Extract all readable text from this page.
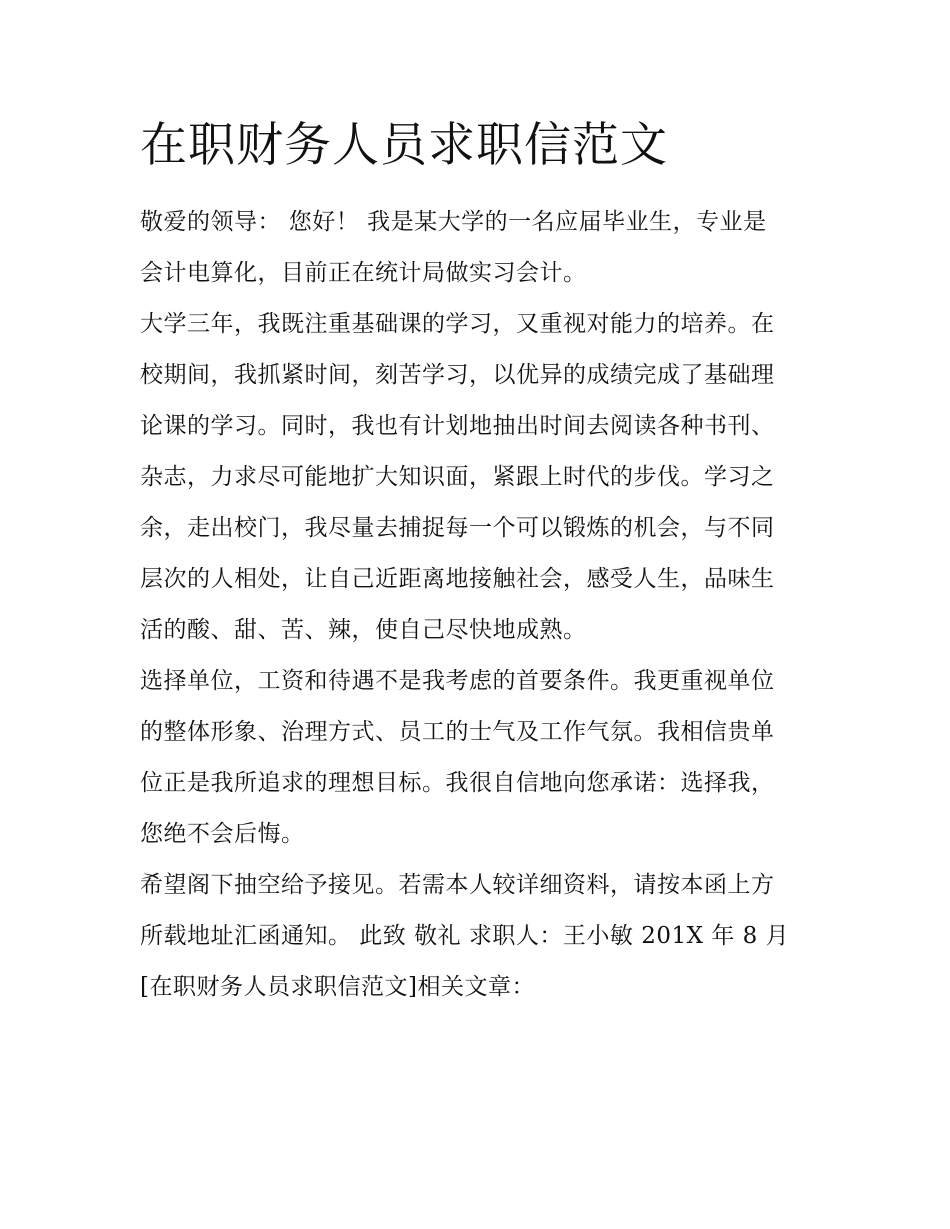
在职财务人员求职信范文
敬爱的领导： 您好！ 我是某大学的一名应届毕业生，专业是
会计电算化，目前正在统计局做实习会计。
大学三年，我既注重基础课的学习，又重视对能力的培养。在
校期间，我抓紧时间，刻苦学习，以优异的成绩完成了基础理
论课的学习。同时，我也有计划地抽出时间去阅读各种书刊、
杂志，力求尽可能地扩大知识面，紧跟上时代的步伐。学习之
余，走出校门，我尽量去捕捉每一个可以锻炼的机会，与不同
层次的人相处，让自己近距离地接触社会，感受人生，品味生
活的酸、甜、苦、辣，使自己尽快地成熟。
选择单位，工资和待遇不是我考虑的首要条件。我更重视单位
的整体形象、治理方式、员工的士气及工作气氛。我相信贵单
位正是我所追求的理想目标。我很自信地向您承诺：选择我，
您绝不会后悔。
希望阁下抽空给予接见。若需本人较详细资料，请按本函上方
所载地址汇函通知。 此致 敬礼 求职人：王小敏 201X 年 8 月
[在职财务人员求职信范文]相关文章：
